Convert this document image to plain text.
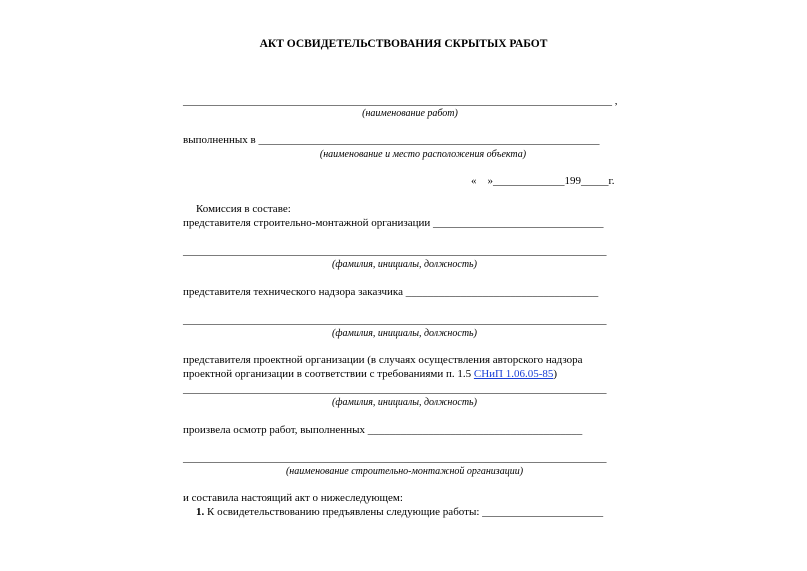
АКТ ОСВИДЕТЕЛЬСТВОВАНИЯ СКРЫТЫХ РАБОТ
______________________________________________________________________________ ,
(наименование работ)
выполненных в ______________________________________________________________
(наименование и место расположения объекта)
«    »_____________199_____г.
Комиссия в составе:
представителя строительно-монтажной организации _______________________________
_____________________________________________________________________________
(фамилия, инициалы, должность)
представителя технического надзора заказчика ___________________________________
_____________________________________________________________________________
(фамилия, инициалы, должность)
представителя проектной организации (в случаях осуществления авторского надзора
проектной организации в соответствии с требованиями п. 1.5 СНиП 1.06.05-85)
_____________________________________________________________________________
(фамилия, инициалы, должность)
произвела осмотр работ, выполненных _______________________________________
_____________________________________________________________________________
(наименование строительно-монтажной организации)
и составила настоящий акт о нижеследующем:
1. К освидетельствованию предъявлены следующие работы: ______________________
